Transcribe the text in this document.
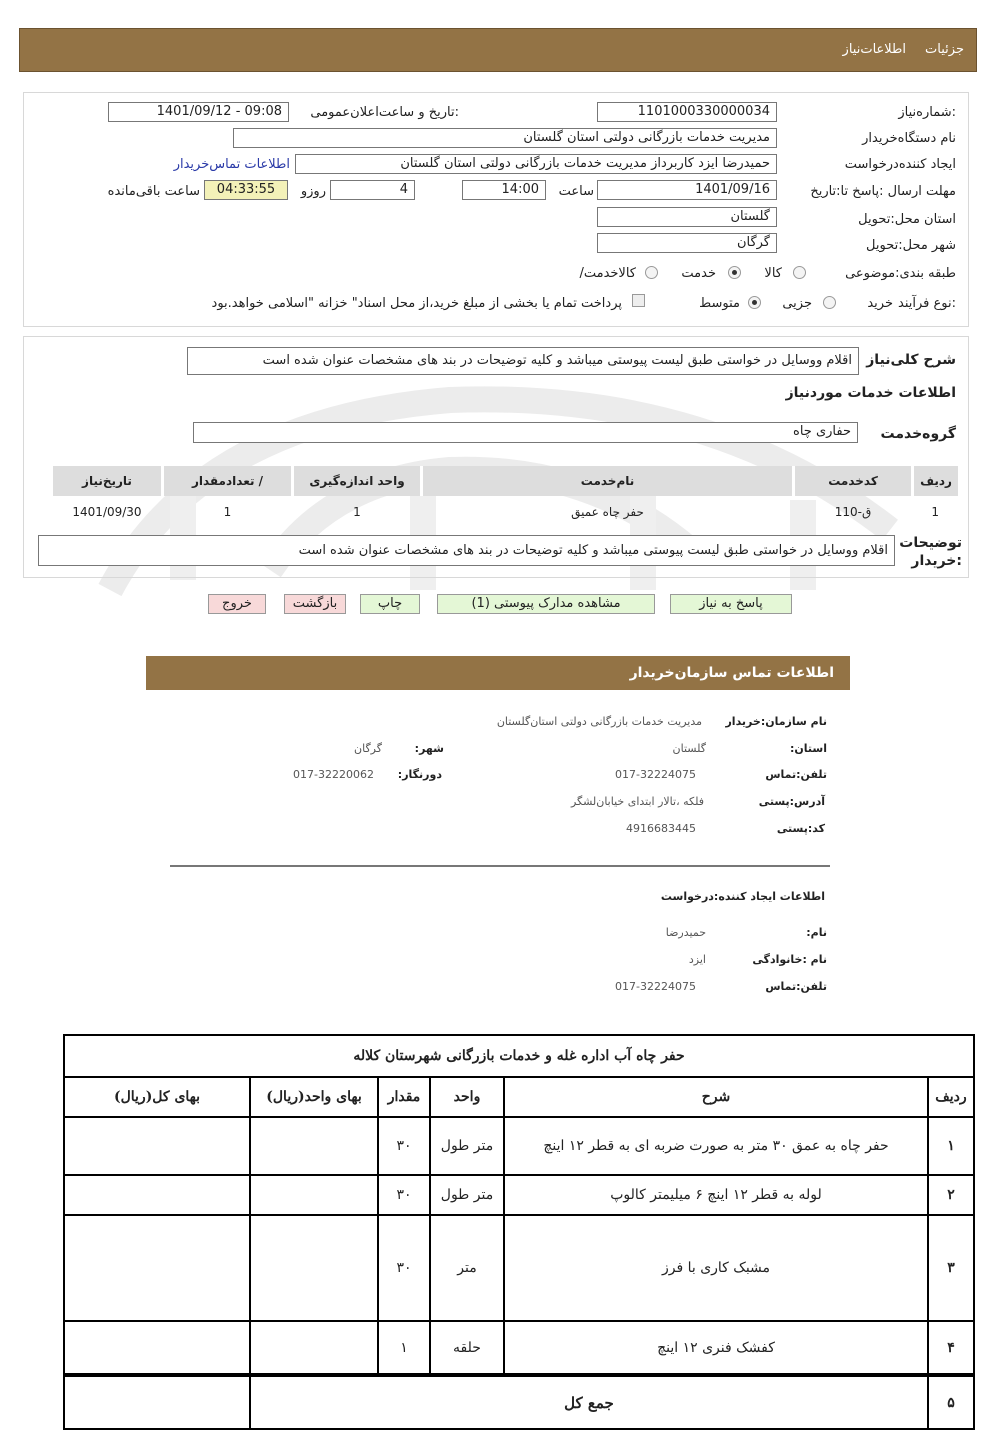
جزئیات
اطلاعات‌نیاز
شماره‌نیاز:
1101000330000034
تاریخ و ساعت‌اعلان‌عمومی:
1401/09/12 - 09:08
نام دستگاه‌خریدار
مدیریت خدمات بازرگانی دولتی استان گلستان
ایجاد کننده‌درخواست
حمیدرضا ایزد کاربرداز مدیریت خدمات بازرگانی دولتی استان گلستان
اطلاعات تماس‌خریدار
مهلت ارسال :پاسخ تا:تاریخ
1401/09/16
ساعت
14:00
4
روزو
04:33:55
ساعت باقی‌مانده
استان محل:تحویل
گلستان
شهر محل:تحویل
گرگان
طبقه بندی:موضوعی
کالا
خدمت
/کالاخدمت
نوع فرآیند:
خرید
جزیی
متوسط
پرداخت تمام یا بخشی از مبلغ خرید،از محل اسناد" خزانه "اسلامی خواهد.بود
شرح کلی‌نیاز
اقلام ووسایل در خواستی طبق لیست پیوستی میباشد و کلیه توضیحات در بند های مشخصات عنوان شده است
اطلاعات خدمات موردنیاز
گروه‌خدمت
حفاری چاه
ردیف	کدخدمت	نام‌خدمت	واحد اندازه‌گیری	/ تعدادمقدار	تاریخ‌نیاز
1	ق-110	حفر چاه عمیق	1	1	1401/09/30
توضیحات :خریدار
اقلام ووسایل در خواستی طبق لیست پیوستی میباشد و کلیه توضیحات در بند های مشخصات عنوان شده است
پاسخ به نیاز
مشاهده مدارک پیوستی (1)
چاپ
بازگشت
خروج
اطلاعات تماس سازمان‌خریدار
نام سازمان:خریدار
مدیریت خدمات بازرگانی دولتی استان‌گلستان
:استان
گلستان
:شهر
گرگان
تلفن:تماس
017-32224075
:دورنگار
017-32220062
آدرس:پستی
فلکه ،تالار ابتدای خیابان‌لشگر
کد:پستی
4916683445
اطلاعات ایجاد کننده:درخواست
:نام
حمیدرضا
نام :خانوادگی
ایزد
تلفن:تماس
017-32224075
حفر چاه آب اداره غله و خدمات بازرگانی شهرستان کلاله					
ردیف	شرح	واحد	مقدار	بهای واحد(ریال)	بهای کل(ریال)
۱	حفر چاه به عمق ۳۰ متر به صورت ضربه ای به قطر ۱۲ اینچ	متر طول	۳۰		
۲	لوله به قطر ۱۲ اینچ ۶ میلیمتر کالوپ	متر طول	۳۰		
۳	مشبک کاری با فرز	متر	۳۰		
۴	کفشک فنری ۱۲ اینچ	حلقه	۱		
۵	جمع کل				
